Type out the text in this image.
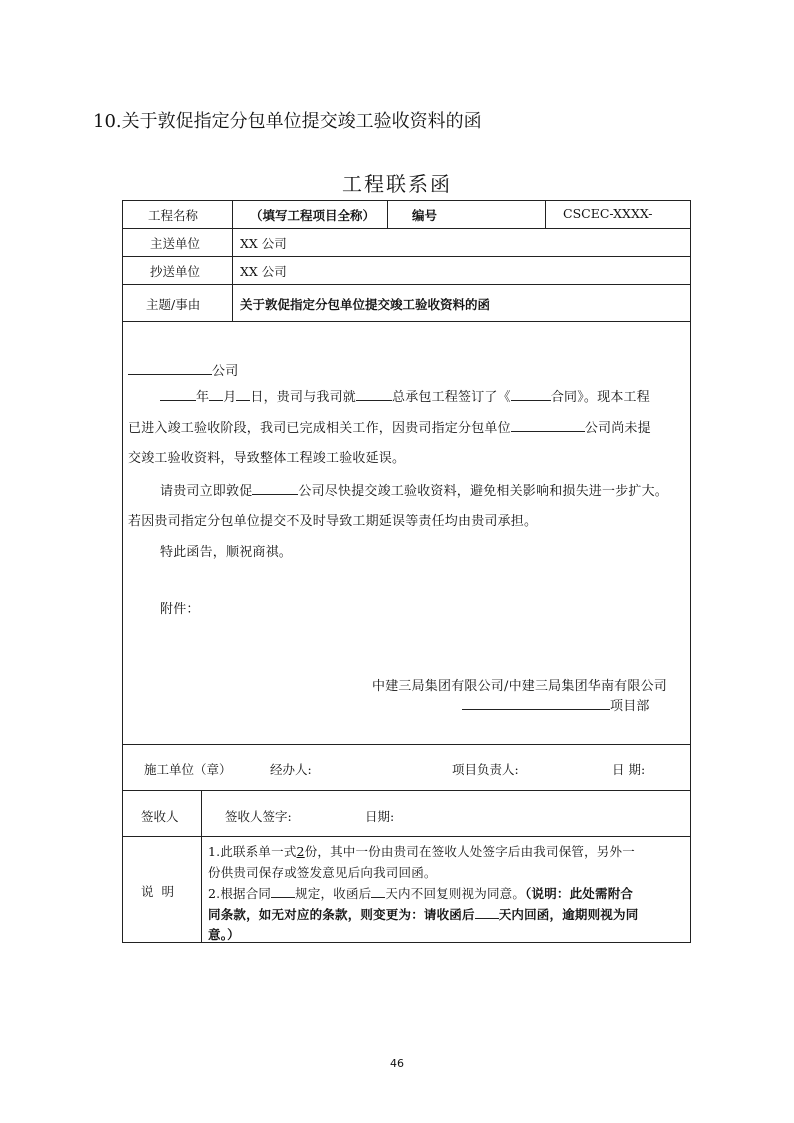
10.关于敦促指定分包单位提交竣工验收资料的函
工程联系函
工程名称	（填写工程项目全称）	编号	CSCEC-XXXX-
主送单位	XX 公司
抄送单位	XX 公司
主题/事由	关于敦促指定分包单位提交竣工验收资料的函
公司
年 月 日，贵司与我司就	总承包工程签订了《	合同》。现本工程
已进入竣工验收阶段，我司已完成相关工作，因贵司指定分包单位	公司尚未提
交竣工验收资料，导致整体工程竣工验收延误。
请贵司立即敦促	公司尽快提交竣工验收资料，避免相关影响和损失进一步扩大。
若因贵司指定分包单位提交不及时导致工期延误等责任均由贵司承担。
特此函告，顺祝商祺。
附件：
中建三局集团有限公司/中建三局集团华南有限公司
项目部
施工单位（章）	经办人:	项目负责人:	日 期:
签收人	签收人签字:	日期:
说  明
1.此联系单一式2份，其中一份由贵司在签收人处签字后由我司保管，另外一
份供贵司保存或签发意见后向我司回函。
2.根据合同 规定，收函后 天内不回复则视为同意。（说明：此处需附合
同条款，如无对应的条款，则变更为：请收函后 天内回函，逾期则视为同
意。）
46
